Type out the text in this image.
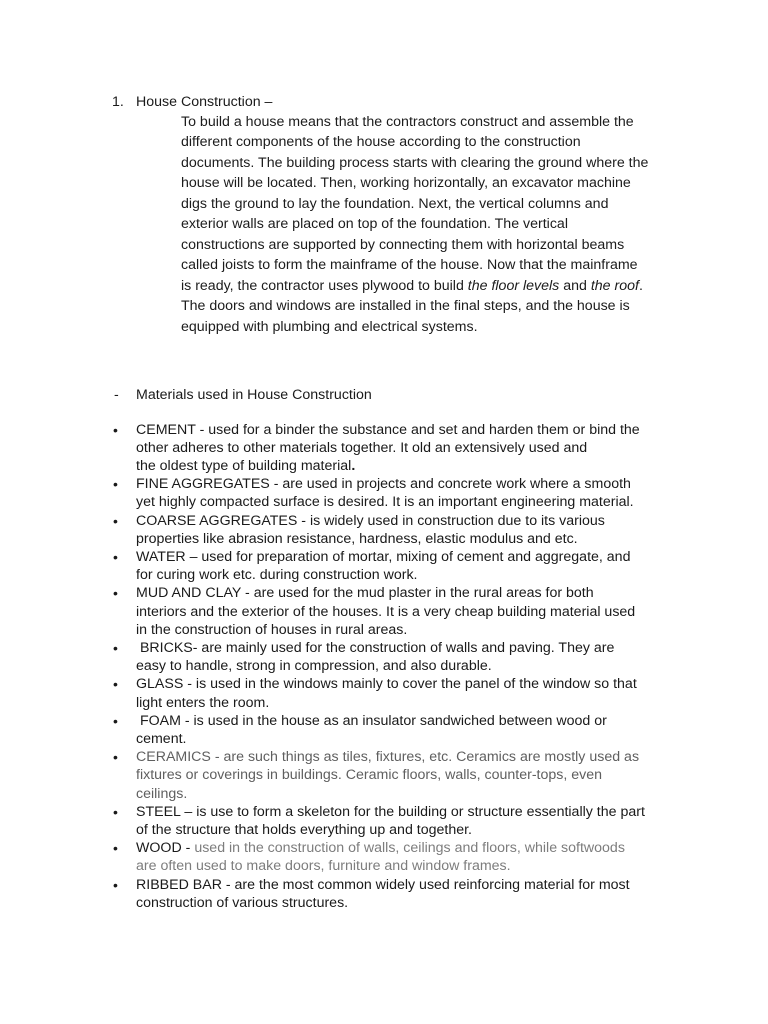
1. House Construction –
To build a house means that the contractors construct and assemble the
different components of the house according to the construction
documents. The building process starts with clearing the ground where the
house will be located. Then, working horizontally, an excavator machine
digs the ground to lay the foundation. Next, the vertical columns and
exterior walls are placed on top of the foundation. The vertical
constructions are supported by connecting them with horizontal beams
called joists to form the mainframe of the house. Now that the mainframe
is ready, the contractor uses plywood to build the floor levels and the roof.
The doors and windows are installed in the final steps, and the house is
equipped with plumbing and electrical systems.
- Materials used in House Construction
•	CEMENT - used for a binder the substance and set and harden them or bind the
other adheres to other materials together. It old an extensively used and
the oldest type of building material.
•	FINE AGGREGATES - are used in projects and concrete work where a smooth
yet highly compacted surface is desired. It is an important engineering material.
•	COARSE AGGREGATES - is widely used in construction due to its various
properties like abrasion resistance, hardness, elastic modulus and etc.
•	WATER – used for preparation of mortar, mixing of cement and aggregate, and
for curing work etc. during construction work.
•	MUD AND CLAY - are used for the mud plaster in the rural areas for both
interiors and the exterior of the houses. It is a very cheap building material used
in the construction of houses in rural areas.
•	BRICKS- are mainly used for the construction of walls and paving. They are
easy to handle, strong in compression, and also durable.
•	GLASS - is used in the windows mainly to cover the panel of the window so that
light enters the room.
•	FOAM - is used in the house as an insulator sandwiched between wood or
cement.
•	CERAMICS - are such things as tiles, fixtures, etc. Ceramics are mostly used as
fixtures or coverings in buildings. Ceramic floors, walls, counter-tops, even
ceilings.
•	STEEL – is use to form a skeleton for the building or structure essentially the part
of the structure that holds everything up and together.
•	WOOD - used in the construction of walls, ceilings and floors, while softwoods
are often used to make doors, furniture and window frames.
•	RIBBED BAR - are the most common widely used reinforcing material for most
construction of various structures.
